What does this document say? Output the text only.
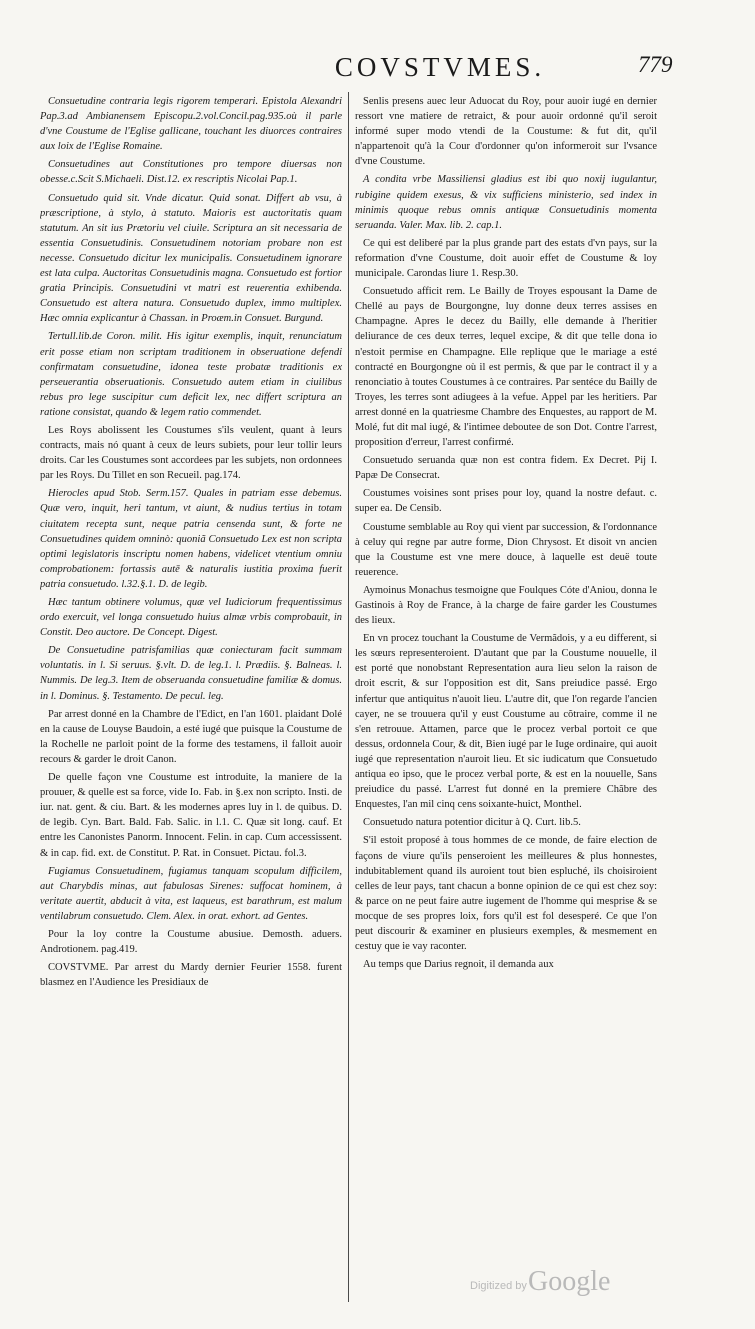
COVSTVMES.	779

Consuetudine contraria legis rigorem temperari. Epistola Alexandri Pap.3.ad Ambianensem Episcopu.2.vol.Concil.pag.935.où il parle d'vne Coustume de l'Eglise gallicane, touchant les diuorces contraires aux loix de l'Eglise Romaine.

Consuetudines aut Constitutiones pro tempore diuersas non obesse.c.Scit S.Michaeli. Dist.12. ex rescriptis Nicolai Pap.1.

Consuetudo quid sit. Vnde dicatur. Quid sonat. Differt ab vsu, à præscriptione, à stylo, à statuto. Maioris est auctoritatis quam statutum. An sit ius Prætoriu vel ciuile. Scriptura an sit necessaria de essentia Consuetudinis. Consuetudinem notoriam probare non est necesse. Consuetudo dicitur lex municipalis. Consuetudinem ignorare est lata culpa. Auctoritas Consuetudinis magna. Consuetudo est fortior gratia Principis. Consuetudini vt matri est reuerentia exhibenda. Consuetudo est altera natura. Consuetudo duplex, immo multiplex. Hæc omnia explicantur à Chassan. in Proæm.in Consuet. Burgund.

Tertull.lib.de Coron. milit. His igitur exemplis, inquit, renunciatum erit posse etiam non scriptam traditionem in obseruatione defendi confirmatam consuetudine, idonea teste probatæ traditionis ex perseuerantia obseruationis. Consuetudo autem etiam in ciuilibus rebus pro lege suscipitur cum deficit lex, nec differt scriptura an ratione consistat, quando & legem ratio commendet.

Les Roys abolissent les Coustumes s'ils veulent, quant à leurs contracts, mais nó quant à ceux de leurs subiets, pour leur tollir leurs droits. Car les Coustumes sont accordees par les subjets, non ordonnees par les Roys. Du Tillet en son Recueil. pag.174.

Hierocles apud Stob. Serm.157. Quales in patriam esse debemus. Quæ vero, inquit, heri tantum, vt aiunt, & nudius tertius in totam ciuitatem recepta sunt, neque patria censenda sunt, & forte ne Consuetudines quidem omninò: quoniã Consuetudo Lex est non scripta optimi legislatoris inscriptu nomen habens, videlicet vtentium omniu comprobationem: fortassis autē & naturalis iustitia proxima fuerit patria consuetudo. l.32.§.1. D. de legib.

Hæc tantum obtinere volumus, quæ vel Iudiciorum frequentissimus ordo exercuit, vel longa consuetudo huius almæ vrbis comprobauit, in Constit. Deo auctore. De Concept. Digest.

De Consuetudine patrisfamilias quæ coniecturam facit summam voluntatis. in l. Si seruus. §.vlt. D. de leg.1. l. Prædiis. §. Balneas. l. Nummis. De leg.3. Item de obseruanda consuetudine familiæ & domus. in l. Dominus. §. Testamento. De pecul. leg.

Par arrest donné en la Chambre de l'Edict, en l'an 1601. plaidant Dolé en la cause de Louyse Baudoin, a esté iugé que puisque la Coustume de la Rochelle ne parloit point de la forme des testamens, il falloit auoir recours & garder le droit Canon.

De quelle façon vne Coustume est introduite, la maniere de la prouuer, & quelle est sa force, vide Io. Fab. in §.ex non scripto. Insti. de iur. nat. gent. & ciu. Bart. & les modernes apres luy in l. de quibus. D. de legib. Cyn. Bart. Bald. Fab. Salic. in l.1. C. Quæ sit long. cauf. Et entre les Canonistes Panorm. Innocent. Felin. in cap. Cum accessissent. & in cap. fid. ext. de Constitut. P. Rat. in Consuet. Pictau. fol.3.

Fugiamus Consuetudinem, fugiamus tanquam scopulum difficilem, aut Charybdis minas, aut fabulosas Sirenes: suffocat hominem, à veritate auertit, abducit à vita, est laqueus, est barathrum, est malum ventilabrum consuetudo. Clem. Alex. in orat. exhort. ad Gentes.

Pour la loy contre la Coustume abusiue. Demosth. aduers. Androtionem. pag.419.

COVSTVME. Par arrest du Mardy dernier Feurier 1558. furent blasmez en l'Audience les Presidiaux de

Senlis presens auec leur Aduocat du Roy, pour auoir iugé en dernier ressort vne matiere de retraict, & pour auoir ordonné qu'il seroit informé super modo vtendi de la Coustume: & fut dit, qu'il n'appartenoit qu'à la Cour d'ordonner qu'on informeroit sur l'vsance d'vne Coustume.

A condita vrbe Massiliensi gladius est ibi quo noxij iugulantur, rubigine quidem exesus, & vix sufficiens ministerio, sed index in minimis quoque rebus omnis antiquæ Consuetudinis momenta seruanda. Valer. Max. lib. 2. cap.1.

Ce qui est deliberé par la plus grande part des estats d'vn pays, sur la reformation d'vne Coustume, doit auoir effet de Coustume & loy municipale. Carondas liure 1. Resp.30.

Consuetudo afficit rem. Le Bailly de Troyes espousant la Dame de Chellé au pays de Bourgongne, luy donne deux terres assises en Champagne. Apres le decez du Bailly, elle demande à l'heritier deliurance de ces deux terres, lequel excipe, & dit que telle dona io n'estoit permise en Champagne. Elle replique que le mariage a esté contracté en Bourgongne où il est permis, & que par le contract il y a renonciatio à toutes Coustumes à ce contraires. Par sentéce du Bailly de Troyes, les terres sont adiugees à la vefue. Appel par les heritiers. Par arrest donné en la quatriesme Chambre des Enquestes, au rapport de M. Molé, fut dit mal iugé, & l'intimee deboutee de son Dot. Contre l'arrest, proposition d'erreur, l'arrest confirmé.

Consuetudo seruanda quæ non est contra fidem. Ex Decret. Pij I. Papæ De Consecrat.

Coustumes voisines sont prises pour loy, quand la nostre defaut. c. super ea. De Censib.

Coustume semblable au Roy qui vient par succession, & l'ordonnance à celuy qui regne par autre forme, Dion Chrysost. Et disoit vn ancien que la Coustume est vne mere douce, à laquelle est deuë toute reuerence.

Aymoinus Monachus tesmoigne que Foulques Cóte d'Aniou, donna le Gastinois à Roy de France, à la charge de faire garder les Coustumes des lieux.

En vn procez touchant la Coustume de Vermãdois, y a eu different, si les sœurs representeroient. D'autant que par la Coustume nouuelle, il est porté que nonobstant Representation aura lieu selon la raison de droit escrit, & sur l'opposition est dit, Sans preiudice passé. Ergo infertur que antiquitus n'auoit lieu. L'autre dit, que l'on regarde l'ancien cayer, ne se trouuera qu'il y eust Coustume au cõtraire, comme il ne s'en retrouue. Attamen, parce que le procez verbal portoit ce que dessus, ordonnela Cour, & dit, Bien iugé par le Iuge ordinaire, qui auoit iugé que representation n'auroit lieu. Et sic iudicatum que Consuetudo antiqua eo ipso, que le procez verbal porte, & est en la nouuelle, Sans preiudice du passé. L'arrest fut donné en la premiere Chãbre des Enquestes, l'an mil cinq cens soixante-huict, Monthel.

Consuetudo natura potentior dicitur à Q. Curt. lib.5.

S'il estoit proposé à tous hommes de ce monde, de faire election de façons de viure qu'ils penseroient les meilleures & plus honnestes, indubitablement quand ils auroient tout bien espluché, ils choisiroient celles de leur pays, tant chacun a bonne opinion de ce qui est chez soy: & parce on ne peut faire autre iugement de l'homme qui mesprise & se mocque de ses propres loix, fors qu'il est fol desesperé. Ce que l'on peut discourir & examiner en plusieurs exemples, & mesmement en cestuy que ie vay raconter.

Au temps que Darius regnoit, il demanda aux

Digitized by Google
